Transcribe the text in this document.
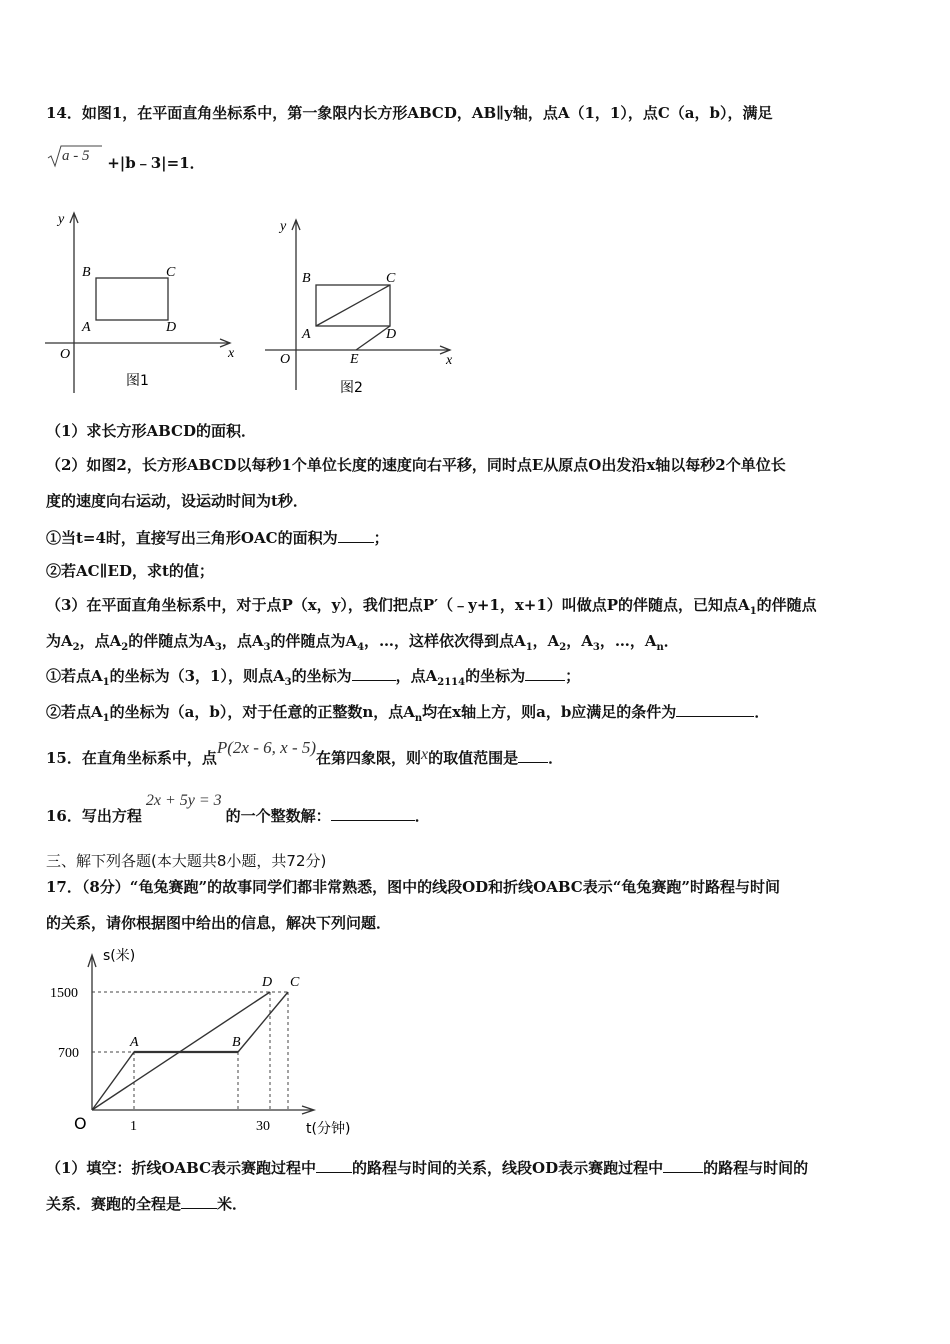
14．如图1，在平面直角坐标系中，第一象限内长方形ABCD，AB∥y轴，点A（1，1），点C（a，b），满足
a - 5 +|b﹣3|=1．
y
x
O
A
B	C
D
图1
y
x
O
A
B	C
D
E
图2
（1）求长方形ABCD的面积．
（2）如图2，长方形ABCD以每秒1个单位长度的速度向右平移，同时点E从原点O出发沿x轴以每秒2个单位长
度的速度向右运动，设运动时间为t秒．
①当t=4时，直接写出三角形OAC的面积为 ；
②若AC∥ED，求t的值；
（3）在平面直角坐标系中，对于点P（x，y），我们把点P′（﹣y+1，x+1）叫做点P的伴随点，已知点$A_1$的伴随点
为$A_2$，点$A_2$的伴随点为$A_3$，点$A_3$的伴随点为$A_4$，…，这样依次得到点$A_1$，$A_2$，$A_3$，…，$A_n$．
①若点$A_1$的坐标为（3，1），则点$A_3$的坐标为	，点$A_{2114}$的坐标为	；
②若点$A_1$的坐标为（a，b），对于任意的正整数n，点$A_n$均在x轴上方，则a，b应满足的条件为	．
15．在直角坐标系中，点P(2x - 6, x - 5)在第四象限，则x的取值范围是 ．
16．写出方程2x + 5y = 3的一个整数解：	．
三、解下列各题(本大题共8小题，共72分)
17．（8分）“龟兔赛跑”的故事同学们都非常熟悉，图中的线段OD和折线OABC表示“龟兔赛跑”时路程与时间
的关系，请你根据图中给出的信息，解决下列问题．
s(米)
t(分钟)
O
1500
700
1	30
A	B
D C
（1）填空：折线OABC表示赛跑过程中 的路程与时间的关系，线段OD表示赛跑过程中	的路程与时间的
关系．赛跑的全程是 米．
